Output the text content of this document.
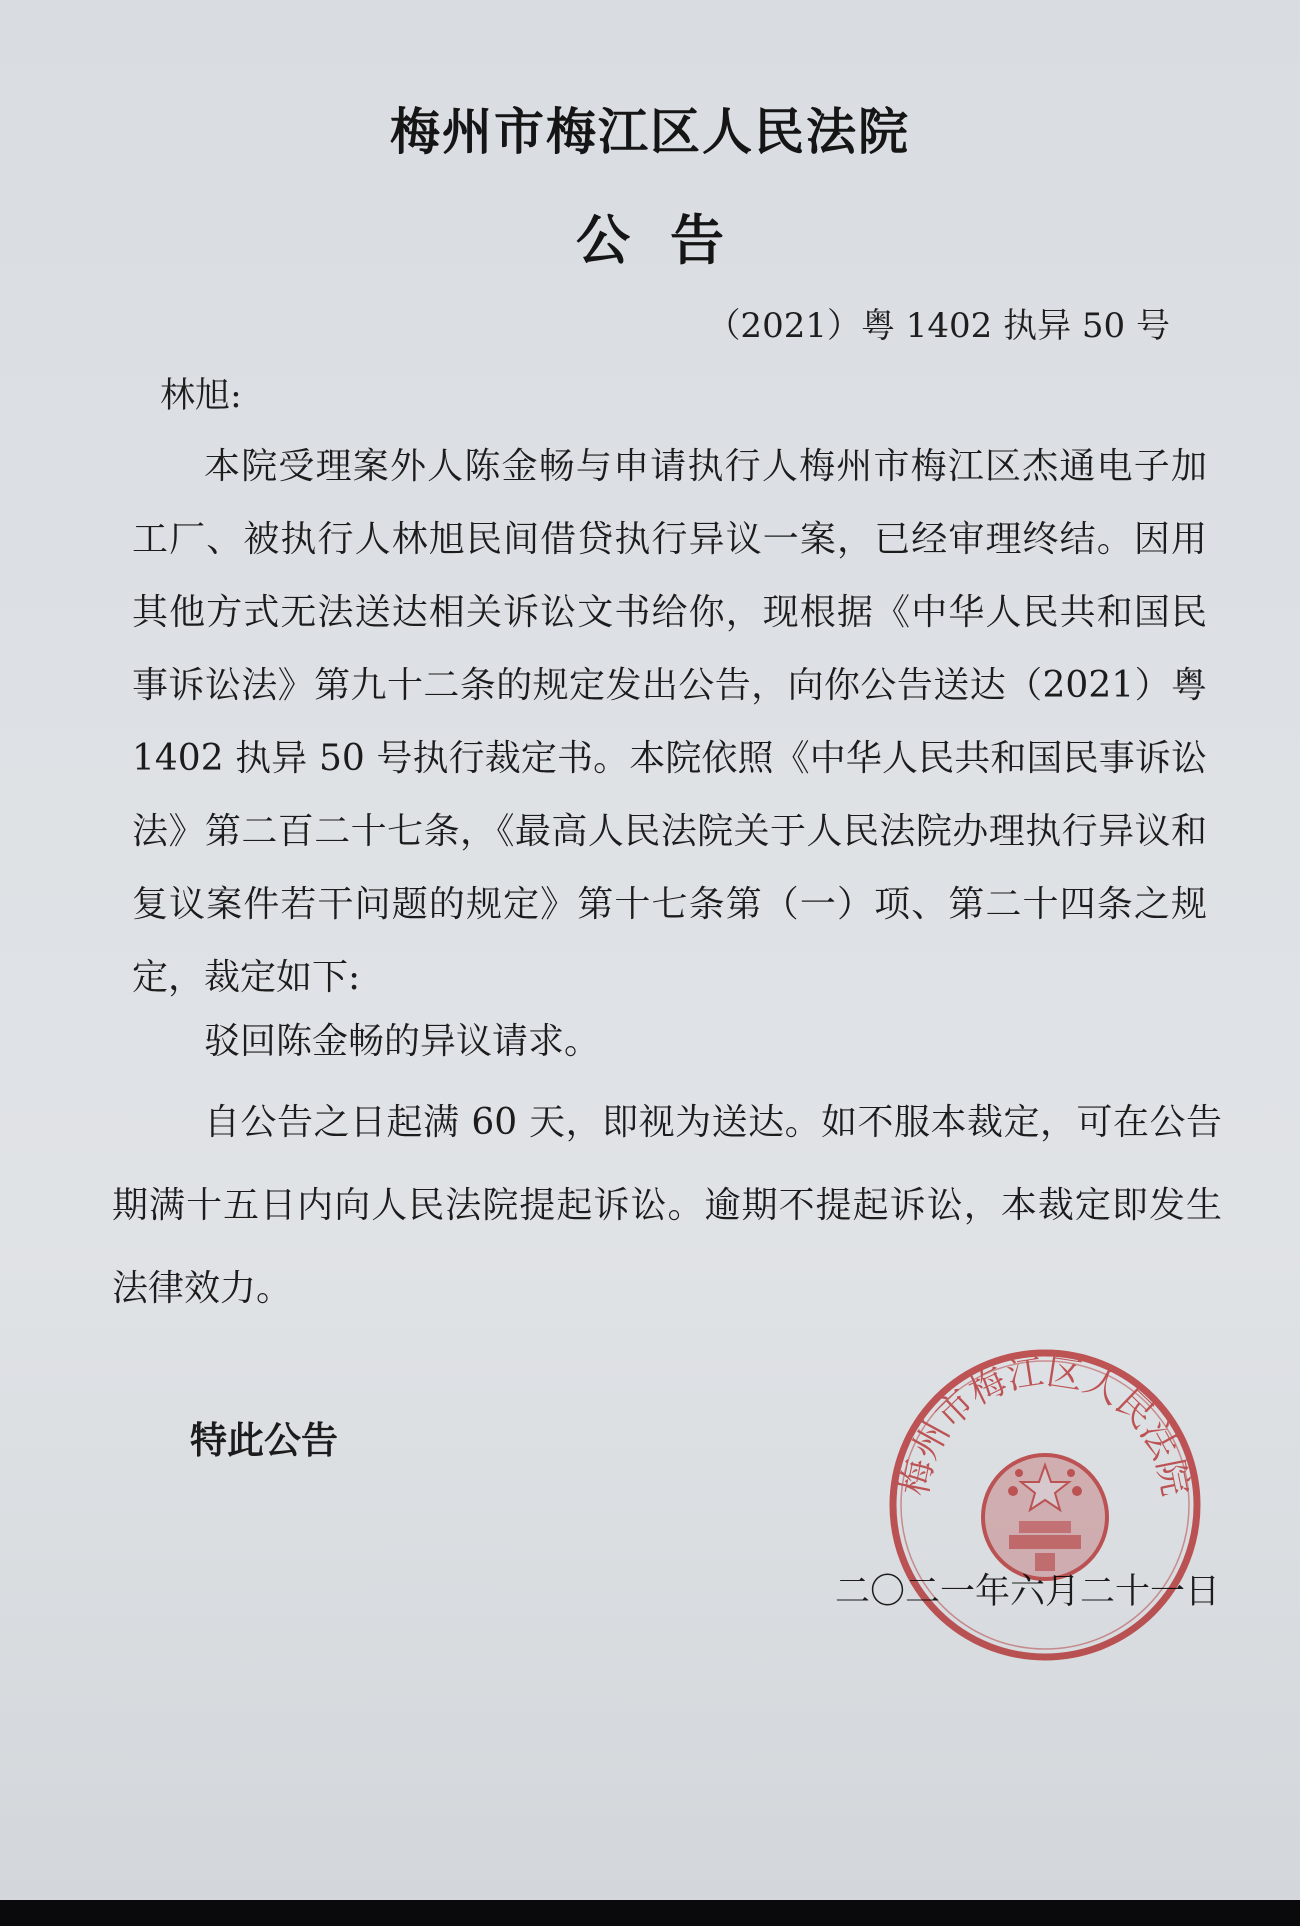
梅州市梅江区人民法院
公告
（2021）粤 1402 执异 50 号
林旭:

本院受理案外人陈金畅与申请执行人梅州市梅江区杰通电子加工厂、被执行人林旭民间借贷执行异议一案，已经审理终结。因用其他方式无法送达相关诉讼文书给你，现根据《中华人民共和国民事诉讼法》第九十二条的规定发出公告，向你公告送达（2021）粤 1402 执异 50 号执行裁定书。本院依照《中华人民共和国民事诉讼法》第二百二十七条，《最高人民法院关于人民法院办理执行异议和复议案件若干问题的规定》第十七条第（一）项、第二十四条之规定，裁定如下:

驳回陈金畅的异议请求。

自公告之日起满 60 天，即视为送达。如不服本裁定，可在公告期满十五日内向人民法院提起诉讼。逾期不提起诉讼，本裁定即发生法律效力。

特此公告
二〇二一年六月二十一日
梅州市梅江区人民法院
